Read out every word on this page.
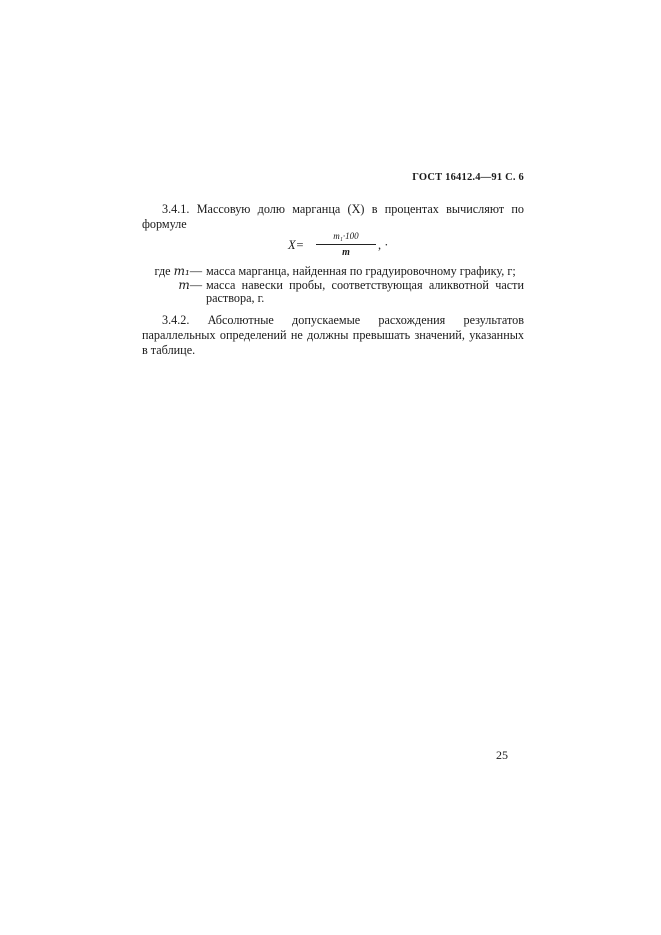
ГОСТ 16412.4—91 С. 6
3.4.1. Массовую долю марганца (X) в процентах вычисляют по формуле
X=
m₁·100
m
, ·
где m₁— масса марганца, найденная по градуировочному графику, г;
m— масса навески пробы, соответствующая аликвотной части раствора, г.
3.4.2. Абсолютные допускаемые расхождения результатов параллельных определений не должны превышать значений, указанных в таблице.
25
